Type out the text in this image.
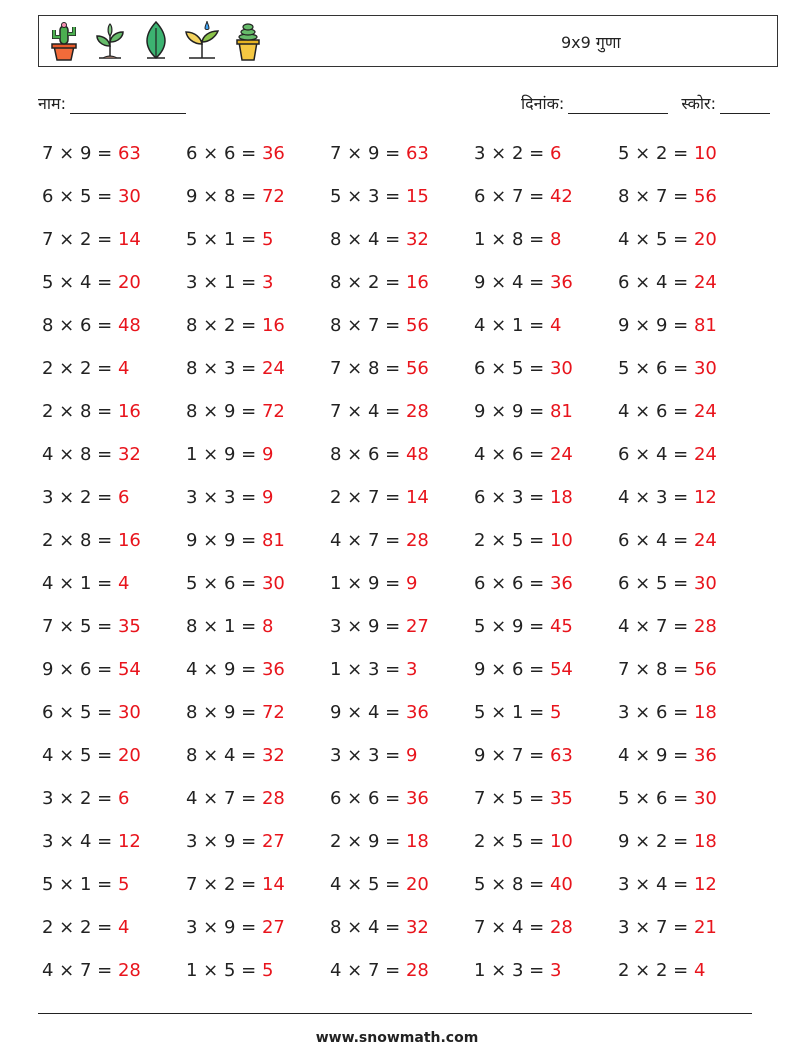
9x9 गुणा
नाम:	दिनांक:	स्कोर:
7 × 9 = 63	6 × 6 = 36	7 × 9 = 63	3 × 2 = 6	5 × 2 = 10
6 × 5 = 30	9 × 8 = 72	5 × 3 = 15	6 × 7 = 42	8 × 7 = 56
7 × 2 = 14	5 × 1 = 5	8 × 4 = 32	1 × 8 = 8	4 × 5 = 20
5 × 4 = 20	3 × 1 = 3	8 × 2 = 16	9 × 4 = 36	6 × 4 = 24
8 × 6 = 48	8 × 2 = 16	8 × 7 = 56	4 × 1 = 4	9 × 9 = 81
2 × 2 = 4	8 × 3 = 24	7 × 8 = 56	6 × 5 = 30	5 × 6 = 30
2 × 8 = 16	8 × 9 = 72	7 × 4 = 28	9 × 9 = 81	4 × 6 = 24
4 × 8 = 32	1 × 9 = 9	8 × 6 = 48	4 × 6 = 24	6 × 4 = 24
3 × 2 = 6	3 × 3 = 9	2 × 7 = 14	6 × 3 = 18	4 × 3 = 12
2 × 8 = 16	9 × 9 = 81	4 × 7 = 28	2 × 5 = 10	6 × 4 = 24
4 × 1 = 4	5 × 6 = 30	1 × 9 = 9	6 × 6 = 36	6 × 5 = 30
7 × 5 = 35	8 × 1 = 8	3 × 9 = 27	5 × 9 = 45	4 × 7 = 28
9 × 6 = 54	4 × 9 = 36	1 × 3 = 3	9 × 6 = 54	7 × 8 = 56
6 × 5 = 30	8 × 9 = 72	9 × 4 = 36	5 × 1 = 5	3 × 6 = 18
4 × 5 = 20	8 × 4 = 32	3 × 3 = 9	9 × 7 = 63	4 × 9 = 36
3 × 2 = 6	4 × 7 = 28	6 × 6 = 36	7 × 5 = 35	5 × 6 = 30
3 × 4 = 12	3 × 9 = 27	2 × 9 = 18	2 × 5 = 10	9 × 2 = 18
5 × 1 = 5	7 × 2 = 14	4 × 5 = 20	5 × 8 = 40	3 × 4 = 12
2 × 2 = 4	3 × 9 = 27	8 × 4 = 32	7 × 4 = 28	3 × 7 = 21
4 × 7 = 28	1 × 5 = 5	4 × 7 = 28	1 × 3 = 3	2 × 2 = 4
www.snowmath.com
